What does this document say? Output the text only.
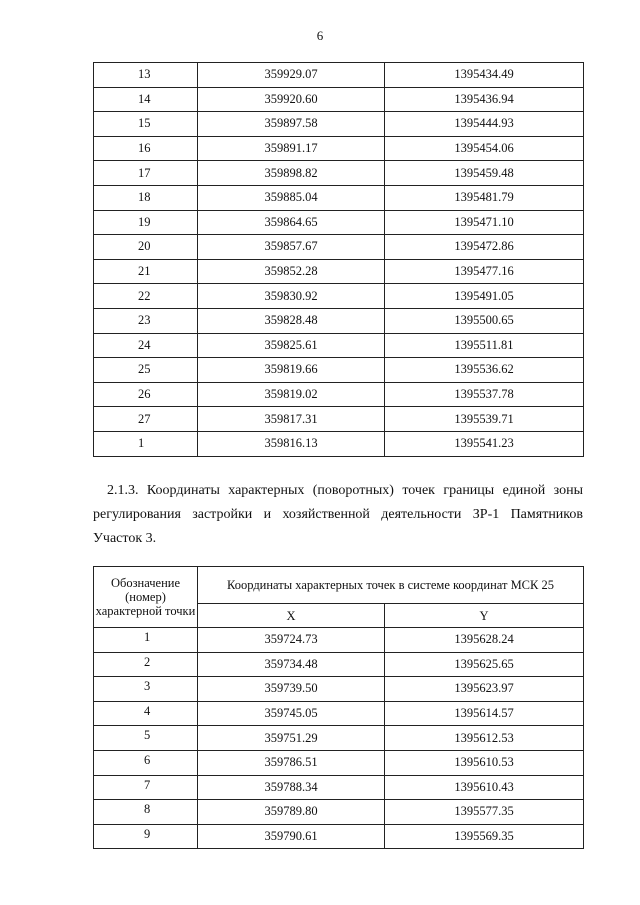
6
13	359929.07	1395434.49
14	359920.60	1395436.94
15	359897.58	1395444.93
16	359891.17	1395454.06
17	359898.82	1395459.48
18	359885.04	1395481.79
19	359864.65	1395471.10
20	359857.67	1395472.86
21	359852.28	1395477.16
22	359830.92	1395491.05
23	359828.48	1395500.65
24	359825.61	1395511.81
25	359819.66	1395536.62
26	359819.02	1395537.78
27	359817.31	1395539.71
1	359816.13	1395541.23
2.1.3. Координаты характерных (поворотных) точек границы единой зоны регулирования застройки и хозяйственной деятельности ЗР-1 Памятников Участок 3.
Обозначение (номер) характерной точки	Координаты характерных точек в системе координат МСК 25	
	X	Y
1	359724.73	1395628.24
2	359734.48	1395625.65
3	359739.50	1395623.97
4	359745.05	1395614.57
5	359751.29	1395612.53
6	359786.51	1395610.53
7	359788.34	1395610.43
8	359789.80	1395577.35
9	359790.61	1395569.35
